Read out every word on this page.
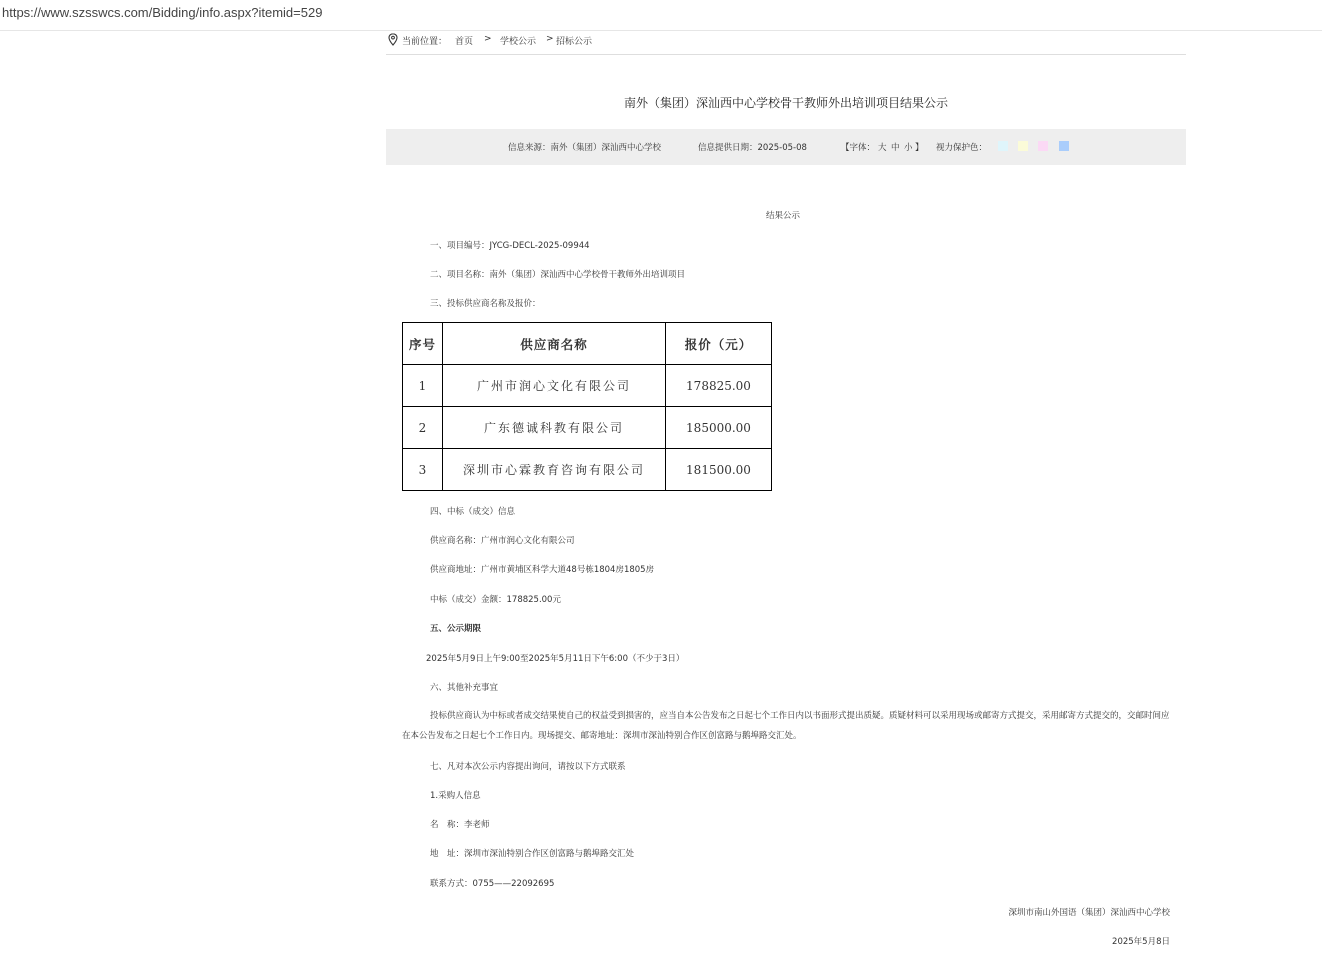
https://www.szsswcs.com/Bidding/info.aspx?itemid=529
当前位置： 首页 > 学校公示 > 招标公示
南外（集团）深汕西中心学校骨干教师外出培训项目结果公示
信息来源：南外（集团）深汕西中心学校	信息提供日期：2025-05-08	【字体： 大 中 小 】 视力保护色：
结果公示
一、项目编号：JYCG-DECL-2025-09944
二、项目名称：南外（集团）深汕西中心学校骨干教师外出培训项目
三、投标供应商名称及报价：
序号	供应商名称	报价（元）
1	广州市润心文化有限公司	178825.00
2	广东德诚科教有限公司	185000.00
3	深圳市心霖教育咨询有限公司	181500.00
四、中标（成交）信息
供应商名称：广州市润心文化有限公司
供应商地址：广州市黄埔区科学大道48号栋1804房1805房
中标（成交）金额：178825.00元
五、公示期限
2025年5月9日上午9:00至2025年5月11日下午6:00（不少于3日）
六、其他补充事宜
投标供应商认为中标或者成交结果使自己的权益受到损害的，应当自本公告发布之日起七个工作日内以书面形式提出质疑。质疑材料可以采用现场或邮寄方式提交，采用邮寄方式提交的，交邮时间应在本公告发布之日起七个工作日内。现场提交、邮寄地址：深圳市深汕特别合作区创富路与鹅埠路交汇处。
七、凡对本次公示内容提出询问，请按以下方式联系
1.采购人信息
名　称：李老师
地　址：深圳市深汕特别合作区创富路与鹅埠路交汇处
联系方式：0755——22092695
深圳市南山外国语（集团）深汕西中心学校
2025年5月8日
